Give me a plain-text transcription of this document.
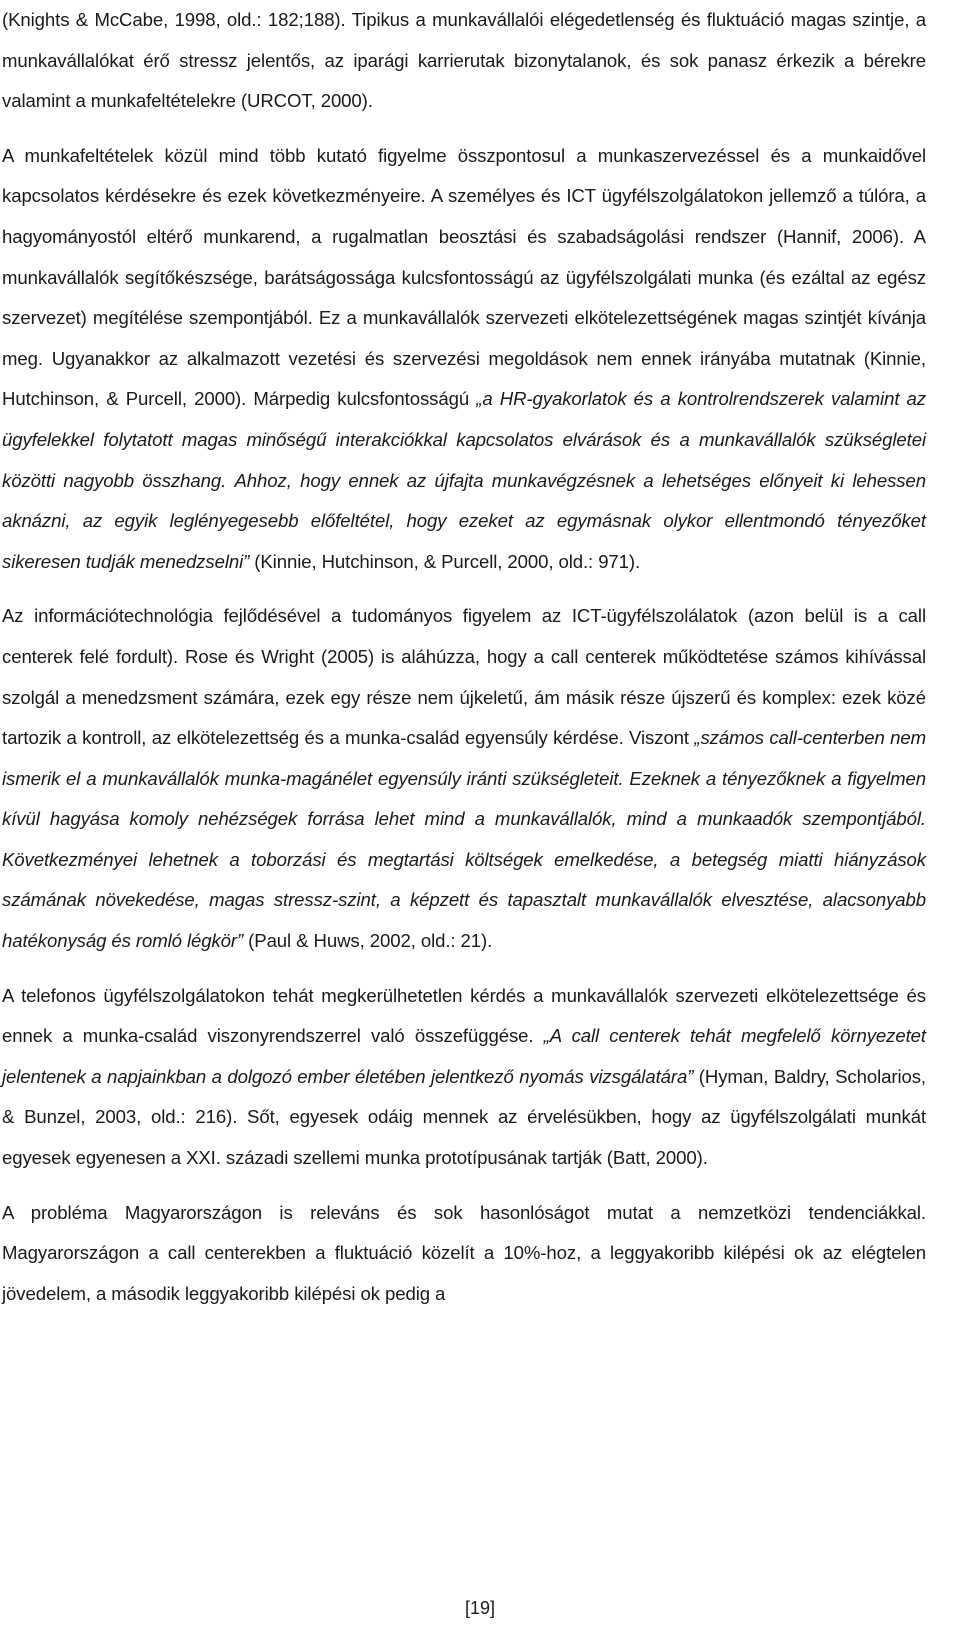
(Knights & McCabe, 1998, old.: 182;188). Tipikus a munkavállalói elégedetlenség és fluktuáció magas szintje, a munkavállalókat érő stressz jelentős, az iparági karrierutak bizonytalanok, és sok panasz érkezik a bérekre valamint a munkafeltételekre (URCOT, 2000).

A munkafeltételek közül mind több kutató figyelme összpontosul a munkaszervezéssel és a munkaidővel kapcsolatos kérdésekre és ezek következményeire. A személyes és ICT ügyfélszolgálatokon jellemző a túlóra, a hagyományostól eltérő munkarend, a rugalmatlan beosztási és szabadságolási rendszer (Hannif, 2006). A munkavállalók segítőkészsége, barátságossága kulcsfontosságú az ügyfélszolgálati munka (és ezáltal az egész szervezet) megítélése szempontjából. Ez a munkavállalók szervezeti elkötelezettségének magas szintjét kívánja meg. Ugyanakkor az alkalmazott vezetési és szervezési megoldások nem ennek irányába mutatnak (Kinnie, Hutchinson, & Purcell, 2000). Márpedig kulcsfontosságú „a HR-gyakorlatok és a kontrolrendszerek valamint az ügyfelekkel folytatott magas minőségű interakciókkal kapcsolatos elvárások és a munkavállalók szükségletei közötti nagyobb összhang. Ahhoz, hogy ennek az újfajta munkavégzésnek a lehetséges előnyeit ki lehessen aknázni, az egyik leglényegesebb előfeltétel, hogy ezeket az egymásnak olykor ellentmondó tényezőket sikeresen tudják menedzselni” (Kinnie, Hutchinson, & Purcell, 2000, old.: 971).

Az információtechnológia fejlődésével a tudományos figyelem az ICT-ügyfélszolálatok (azon belül is a call centerek felé fordult). Rose és Wright (2005) is aláhúzza, hogy a call centerek működtetése számos kihívással szolgál a menedzsment számára, ezek egy része nem újkeletű, ám másik része újszerű és komplex: ezek közé tartozik a kontroll, az elkötelezettség és a munka-család egyensúly kérdése. Viszont „számos call-centerben nem ismerik el a munkavállalók munka-magánélet egyensúly iránti szükségleteit. Ezeknek a tényezőknek a figyelmen kívül hagyása komoly nehézségek forrása lehet mind a munkavállalók, mind a munkaadók szempontjából. Következményei lehetnek a toborzási és megtartási költségek emelkedése, a betegség miatti hiányzások számának növekedése, magas stressz-szint, a képzett és tapasztalt munkavállalók elvesztése, alacsonyabb hatékonyság és romló légkör” (Paul & Huws, 2002, old.: 21).

A telefonos ügyfélszolgálatokon tehát megkerülhetetlen kérdés a munkavállalók szervezeti elkötelezettsége és ennek a munka-család viszonyrendszerrel való összefüggése. „A call centerek tehát megfelelő környezetet jelentenek a napjainkban a dolgozó ember életében jelentkező nyomás vizsgálatára” (Hyman, Baldry, Scholarios, & Bunzel, 2003, old.: 216). Sőt, egyesek odáig mennek az érvelésükben, hogy az ügyfélszolgálati munkát egyesek egyenesen a XXI. századi szellemi munka prototípusának tartják (Batt, 2000).

A probléma Magyarországon is releváns és sok hasonlóságot mutat a nemzetközi tendenciákkal. Magyarországon a call centerekben a fluktuáció közelít a 10%-hoz, a leggyakoribb kilépési ok az elégtelen jövedelem, a második leggyakoribb kilépési ok pedig a

[19]
